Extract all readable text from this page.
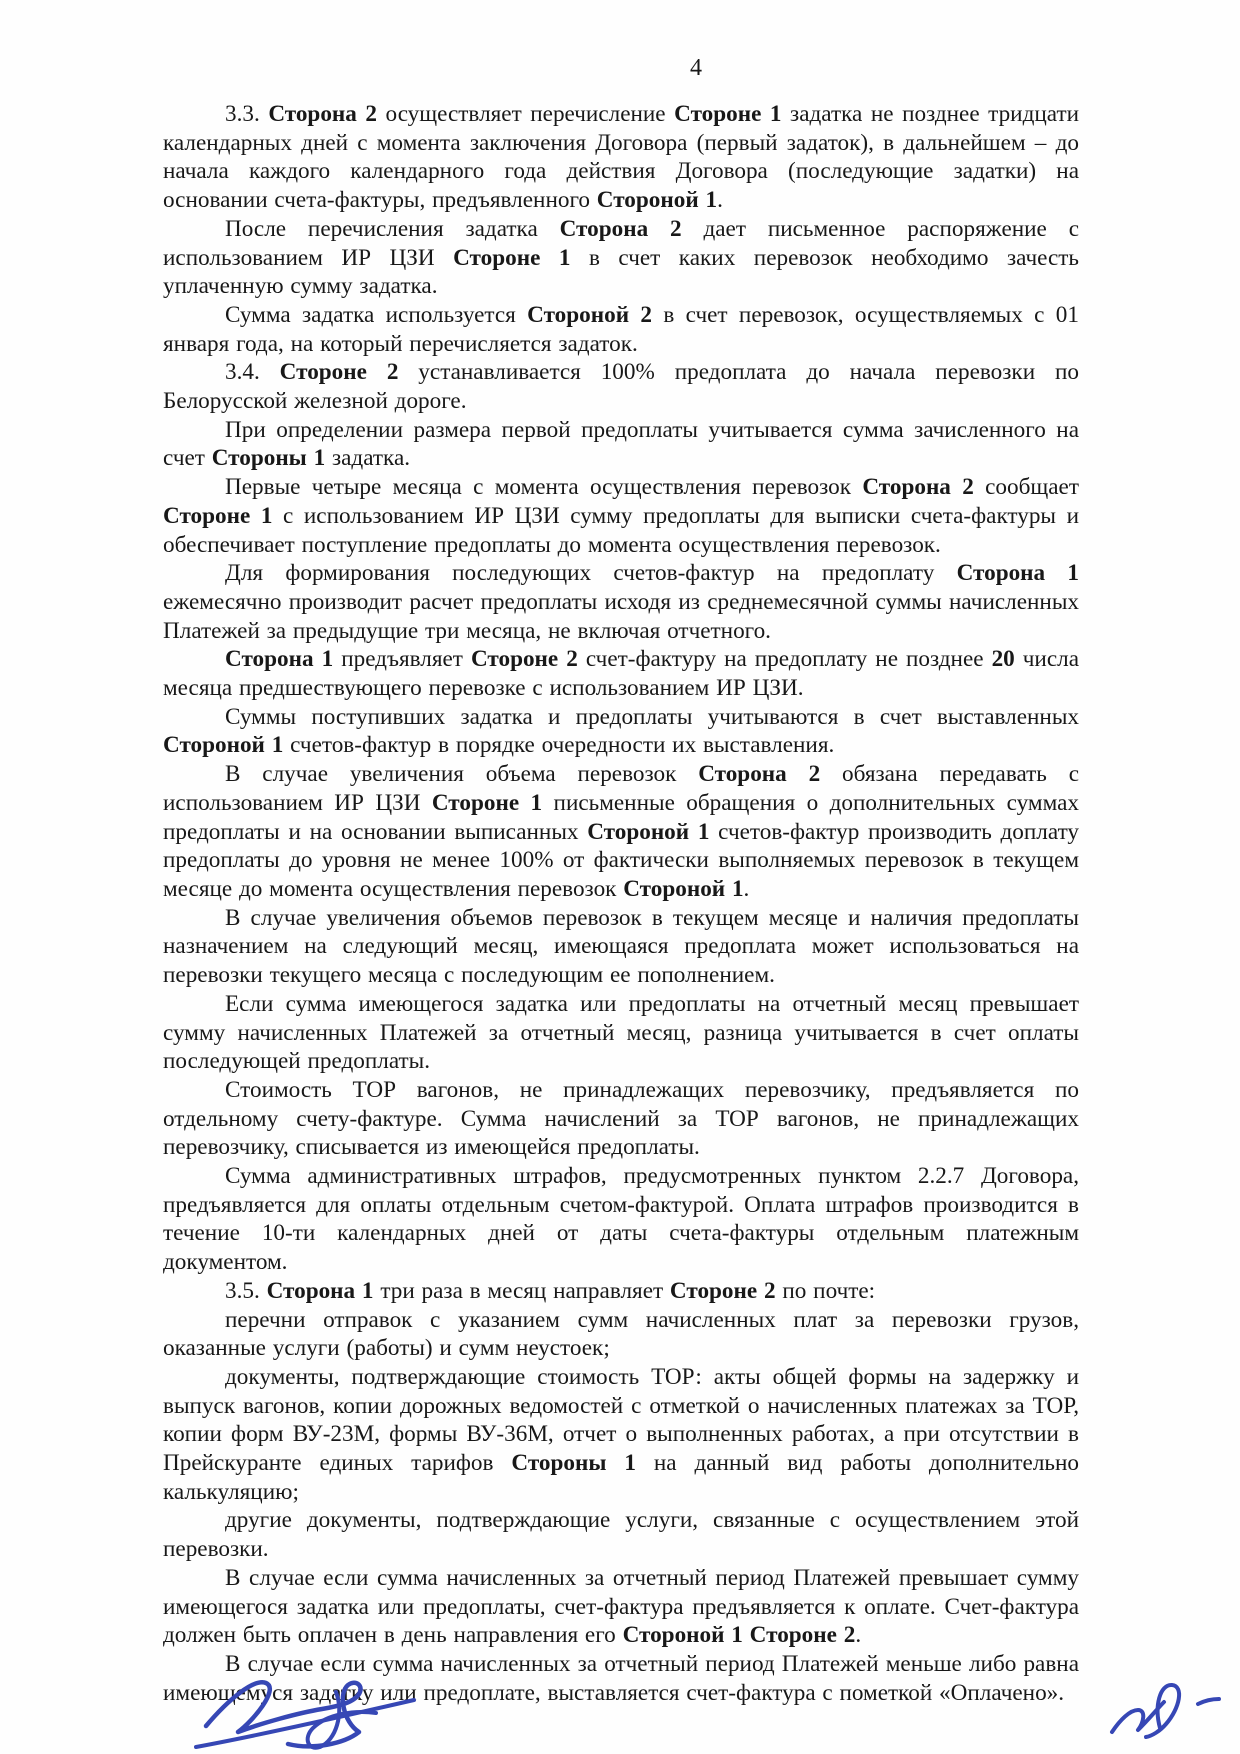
4

3.3. Сторона 2 осуществляет перечисление Стороне 1 задатка не позднее тридцати календарных дней с момента заключения Договора (первый задаток), в дальнейшем – до начала каждого календарного года действия Договора (последующие задатки) на основании счета-фактуры, предъявленного Стороной 1.

После перечисления задатка Сторона 2 дает письменное распоряжение с использованием ИР ЦЗИ Стороне 1 в счет каких перевозок необходимо зачесть уплаченную сумму задатка.

Сумма задатка используется Стороной 2 в счет перевозок, осуществляемых с 01 января года, на который перечисляется задаток.

3.4. Стороне 2 устанавливается 100% предоплата до начала перевозки по Белорусской железной дороге.

При определении размера первой предоплаты учитывается сумма зачисленного на счет Стороны 1 задатка.

Первые четыре месяца с момента осуществления перевозок Сторона 2 сообщает Стороне 1 с использованием ИР ЦЗИ сумму предоплаты для выписки счета-фактуры и обеспечивает поступление предоплаты до момента осуществления перевозок.

Для формирования последующих счетов-фактур на предоплату Сторона 1 ежемесячно производит расчет предоплаты исходя из среднемесячной суммы начисленных Платежей за предыдущие три месяца, не включая отчетного.

Сторона 1 предъявляет Стороне 2 счет-фактуру на предоплату не позднее 20 числа месяца предшествующего перевозке с использованием ИР ЦЗИ.

Суммы поступивших задатка и предоплаты учитываются в счет выставленных Стороной 1 счетов-фактур в порядке очередности их выставления.

В случае увеличения объема перевозок Сторона 2 обязана передавать с использованием ИР ЦЗИ Стороне 1 письменные обращения о дополнительных суммах предоплаты и на основании выписанных Стороной 1 счетов-фактур производить доплату предоплаты до уровня не менее 100% от фактически выполняемых перевозок в текущем месяце до момента осуществления перевозок Стороной 1.

В случае увеличения объемов перевозок в текущем месяце и наличия предоплаты назначением на следующий месяц, имеющаяся предоплата может использоваться на перевозки текущего месяца с последующим ее пополнением.

Если сумма имеющегося задатка или предоплаты на отчетный месяц превышает сумму начисленных Платежей за отчетный месяц, разница учитывается в счет оплаты последующей предоплаты.

Стоимость ТОР вагонов, не принадлежащих перевозчику, предъявляется по отдельному счету-фактуре. Сумма начислений за ТОР вагонов, не принадлежащих перевозчику, списывается из имеющейся предоплаты.

Сумма административных штрафов, предусмотренных пунктом 2.2.7 Договора, предъявляется для оплаты отдельным счетом-фактурой. Оплата штрафов производится в течение 10-ти календарных дней от даты счета-фактуры отдельным платежным документом.

3.5. Сторона 1 три раза в месяц направляет Стороне 2 по почте:

перечни отправок с указанием сумм начисленных плат за перевозки грузов, оказанные услуги (работы) и сумм неустоек;

документы, подтверждающие стоимость ТОР: акты общей формы на задержку и выпуск вагонов, копии дорожных ведомостей с отметкой о начисленных платежах за ТОР, копии форм ВУ-23М, формы ВУ-36М, отчет о выполненных работах, а при отсутствии в Прейскуранте единых тарифов Стороны 1 на данный вид работы дополнительно калькуляцию;

другие документы, подтверждающие услуги, связанные с осуществлением этой перевозки.

В случае если сумма начисленных за отчетный период Платежей превышает сумму имеющегося задатка или предоплаты, счет-фактура предъявляется к оплате. Счет-фактура должен быть оплачен в день направления его Стороной 1 Стороне 2.

В случае если сумма начисленных за отчетный период Платежей меньше либо равна имеющемуся задатку или предоплате, выставляется счет-фактура с пометкой «Оплачено».
